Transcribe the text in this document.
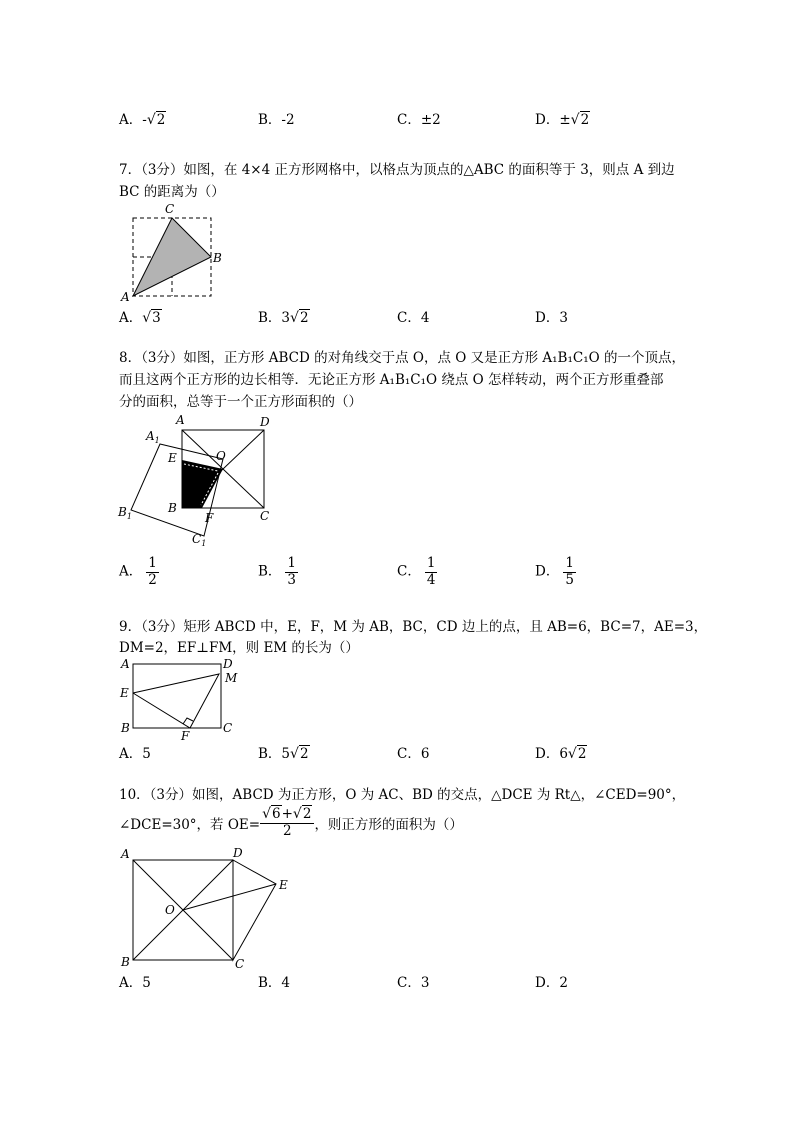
A．-√2	B．-2	C．±2	D．±√2
7．（3分）如图，在 4×4 正方形网格中，以格点为顶点的△ABC 的面积等于 3，则点 A 到边
BC 的距离为（）
C
B
A
A．√3	B．3√2	C．4	D．3
8．（3分）如图，正方形 ABCD 的对角线交于点 O，点 O 又是正方形 A₁B₁C₁O 的一个顶点，
而且这两个正方形的边长相等．无论正方形 A₁B₁C₁O 绕点 O 怎样转动，两个正方形重叠部
分的面积，总等于一个正方形面积的（）
A	D
$A_1$
E	O
B
F	C
$B_1$
$C_1$
A． $\frac{1}{2}$	B． $\frac{1}{3}$	C． $\frac{1}{4}$	D． $\frac{1}{5}$
9．（3分）矩形 ABCD 中，E，F，M 为 AB，BC，CD 边上的点，且 AB=6，BC=7，AE=3，
DM=2，EF⊥FM，则 EM 的长为（）
A	D
M
E
B
F
C
A．5	B．5√2	C．6	D．6√2
10．（3分）如图，ABCD 为正方形，O 为 AC、BD 的交点，△DCE 为 Rt△，∠CED=90°，
∠DCE=30°，若 $OE= \frac{√6+√2}{2}$ ，则正方形的面积为（）
A	D
E
O
B	C
A．5	B．4	C．3	D．2
